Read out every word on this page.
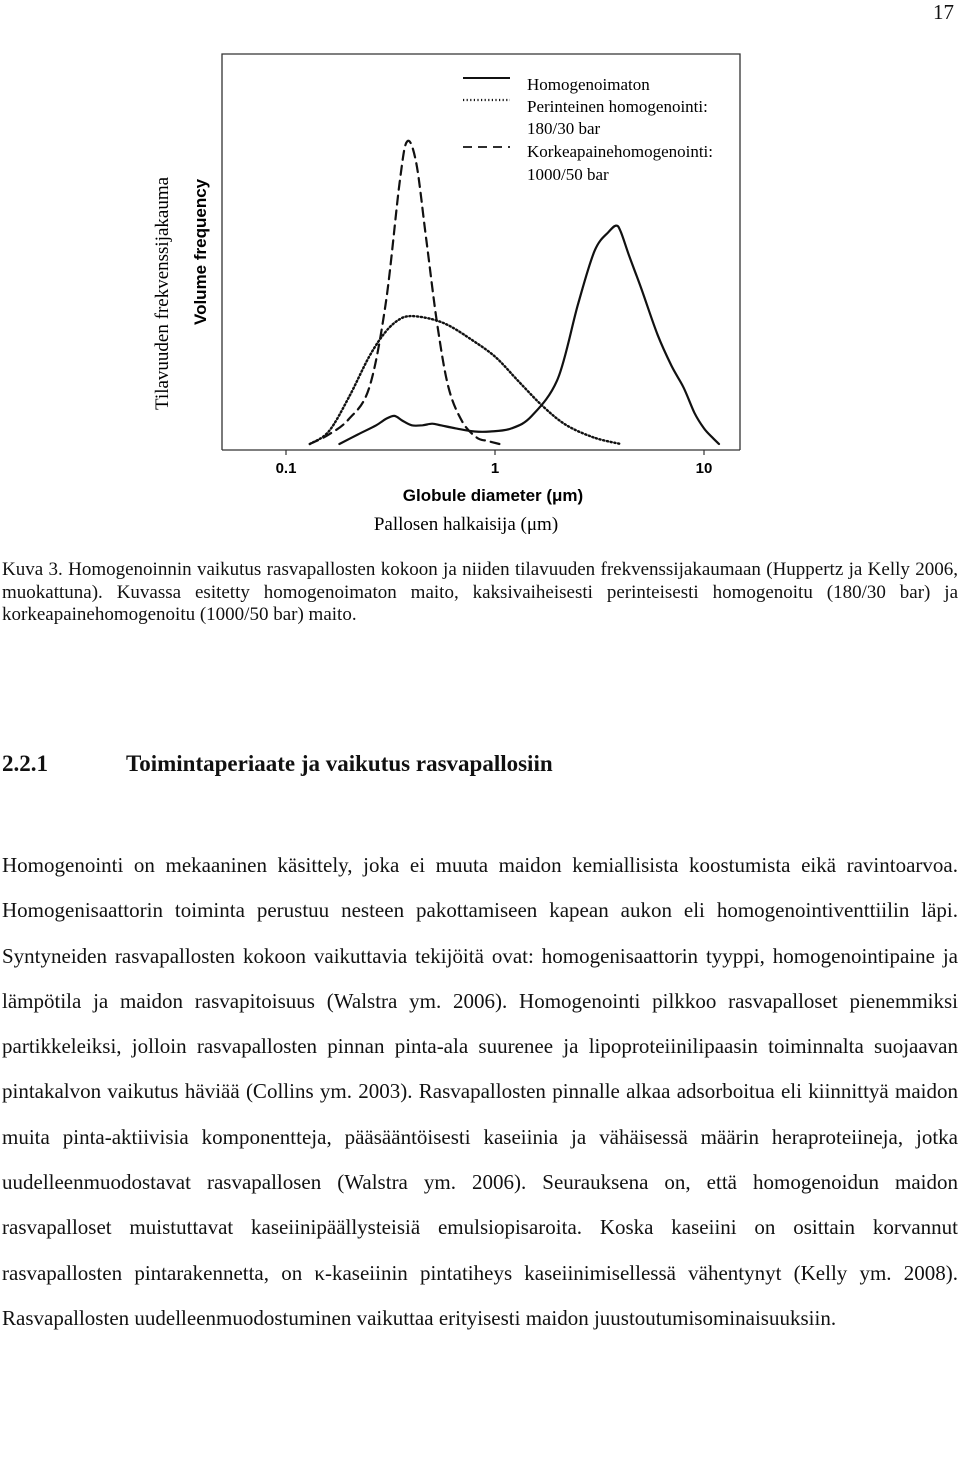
17
Tilavuuden frekvenssijakauma Volume frequency
0.1	1	10
Globule diameter (μm)
Pallosen halkaisija (μm)
Homogenoimaton
Perinteinen homogenointi:
180/30 bar
Korkeapainehomogenointi:
1000/50 bar

Kuva 3. Homogenoinnin vaikutus rasvapallosten kokoon ja niiden tilavuuden frekvenssijakaumaan (Huppertz ja Kelly 2006, muokattuna). Kuvassa esitetty homogenoimaton maito, kaksivaiheisesti perinteisesti homogenoitu (180/30 bar) ja korkeapainehomogenoitu (1000/50 bar) maito.

2.2.1	Toimintaperiaate ja vaikutus rasvapallosiin

Homogenointi on mekaaninen käsittely, joka ei muuta maidon kemiallisista koostumista eikä ravintoarvoa. Homogenisaattorin toiminta perustuu nesteen pakottamiseen kapean aukon eli homogenointiventtiilin läpi. Syntyneiden rasvapallosten kokoon vaikuttavia tekijöitä ovat: homogenisaattorin tyyppi, homogenointipaine ja lämpötila ja maidon rasvapitoisuus (Walstra ym. 2006). Homogenointi pilkkoo rasvapalloset pienemmiksi partikkeleiksi, jolloin rasvapallosten pinnan pinta-ala suurenee ja lipoproteiinilipaasin toiminnalta suojaavan pintakalvon vaikutus häviää (Collins ym. 2003). Rasvapallosten pinnalle alkaa adsorboitua eli kiinnittyä maidon muita pinta-aktiivisia komponentteja, pääsääntöisesti kaseiinia ja vähäisessä määrin heraproteiineja, jotka uudelleenmuodostavat rasvapallosen (Walstra ym. 2006). Seurauksena on, että homogenoidun maidon rasvapalloset muistuttavat kaseiinipäällysteisiä emulsiopisaroita. Koska kaseiini on osittain korvannut rasvapallosten pintarakennetta, on κ-kaseiinin pintatiheys kaseiinimisellessä vähentynyt (Kelly ym. 2008). Rasvapallosten uudelleenmuodostuminen vaikuttaa erityisesti maidon juustoutumisominaisuuksiin.
